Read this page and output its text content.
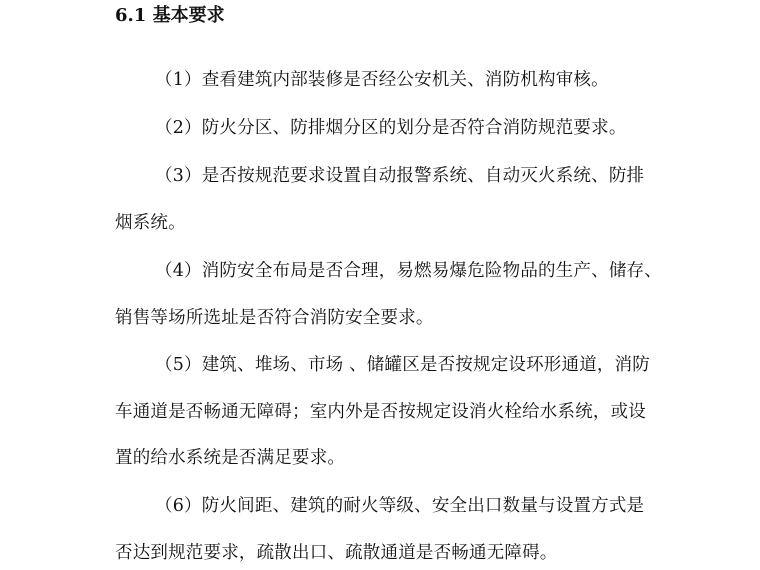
6.1 基本要求
（1）查看建筑内部装修是否经公安机关、消防机构审核。
（2）防火分区、防排烟分区的划分是否符合消防规范要求。
（3）是否按规范要求设置自动报警系统、自动灭火系统、防排
烟系统。
（4）消防安全布局是否合理，易燃易爆危险物品的生产、储存、
销售等场所选址是否符合消防安全要求。
（5）建筑、堆场、市场 、储罐区是否按规定设环形通道，消防
车通道是否畅通无障碍；室内外是否按规定设消火栓给水系统，或设
置的给水系统是否满足要求。
（6）防火间距、建筑的耐火等级、安全出口数量与设置方式是
否达到规范要求，疏散出口、疏散通道是否畅通无障碍。
